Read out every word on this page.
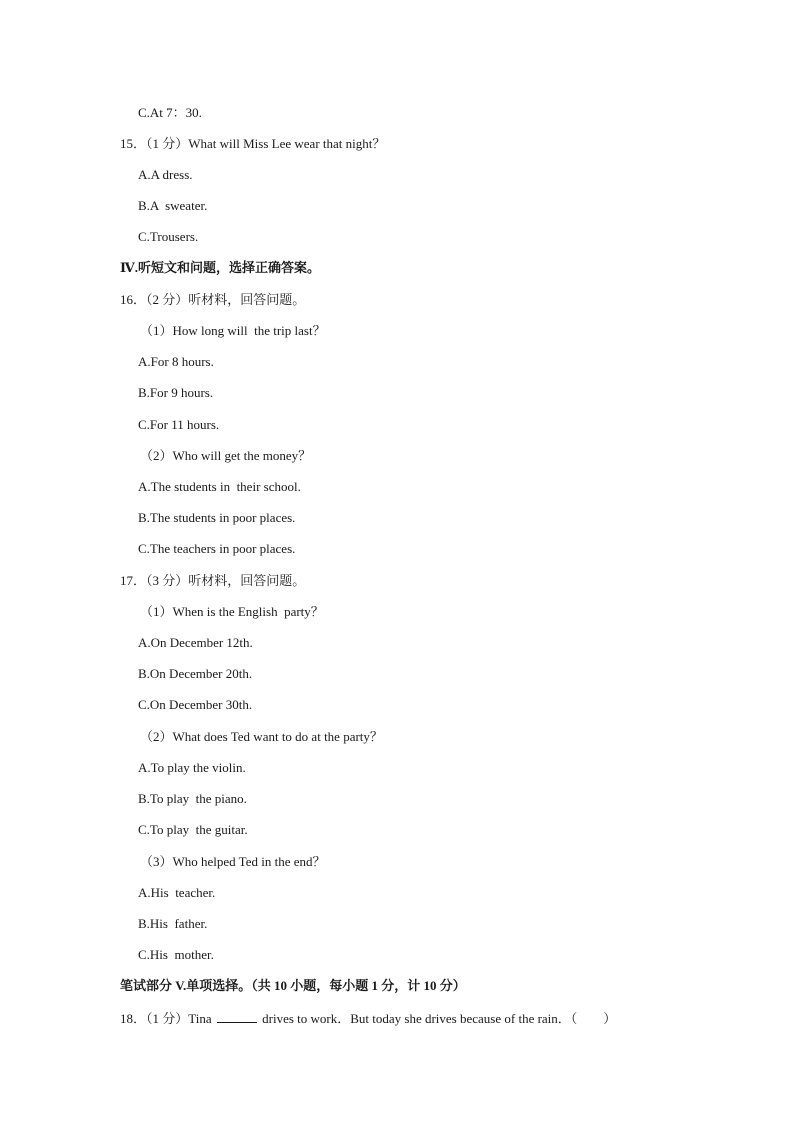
C.At 7：30.
15．（1 分）What will Miss Lee wear that night？
A.A dress.
B.A  sweater.
C.Trousers.
Ⅳ.听短文和问题，选择正确答案。
16．（2 分）听材料，回答问题。
（1）How long will  the trip last？
A.For 8 hours.
B.For 9 hours.
C.For 11 hours.
（2）Who will get the money？
A.The students in  their school.
B.The students in poor places.
C.The teachers in poor places.
17．（3 分）听材料，回答问题。
（1）When is the English  party？
A.On December 12th.
B.On December 20th.
C.On December 30th.
（2）What does Ted want to do at the party？
A.To play the violin.
B.To play  the piano.
C.To play  the guitar.
（3）Who helped Ted in the end？
A.His  teacher.
B.His  father.
C.His  mother.
笔试部分 V.单项选择。（共 10 小题，每小题 1 分，计 10 分）
18．（1 分）Tina	drives to work．But today she drives because of the rain．（　　）
